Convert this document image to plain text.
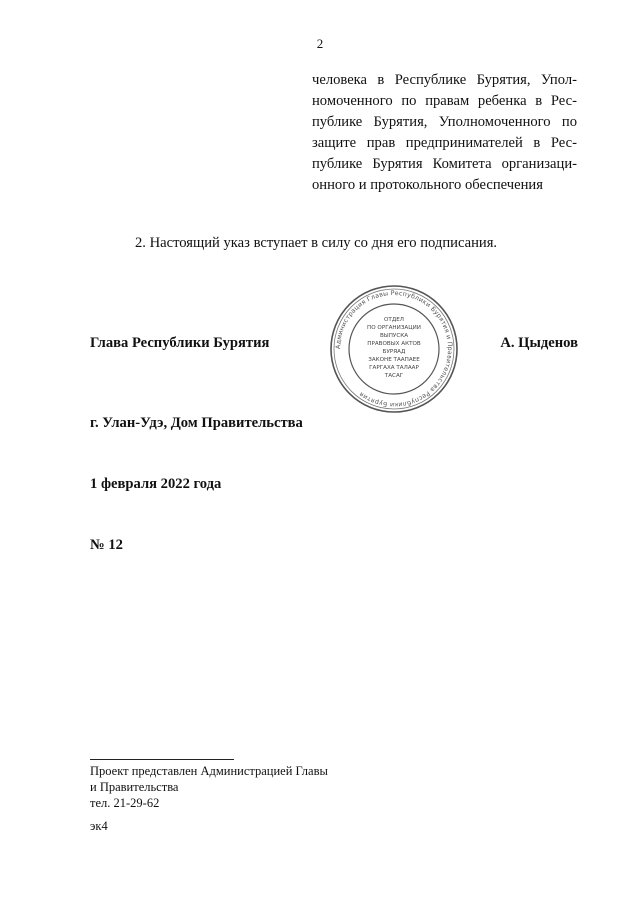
2
человека в Республике Бурятия, Упол-
номоченного по правам ребенка в Рес-
публике Бурятия, Уполномоченного по
защите прав предпринимателей в Рес-
публике Бурятия Комитета организаци-
онного и протокольного обеспечения
2. Настоящий указ вступает в силу со дня его подписания.
Глава Республики Бурятия	Администрация Главы Республики Бурятия и Правительства Республики Бурятия
ОТДЕЛ
ПО ОРГАНИЗАЦИИ
ВЫПУСКА
ПРАВОВЫХ АКТОВ
БУРЯАД
ЗАКОНЕ ТААПАЕЕ
ГАРГАХА ТАЛААР
ТАСАГ
А. Цыденов
г. Улан-Удэ, Дом Правительства
1 февраля 2022 года
№ 12
Проект представлен Администрацией Главы
и Правительства
тел. 21-29-62
эк4
